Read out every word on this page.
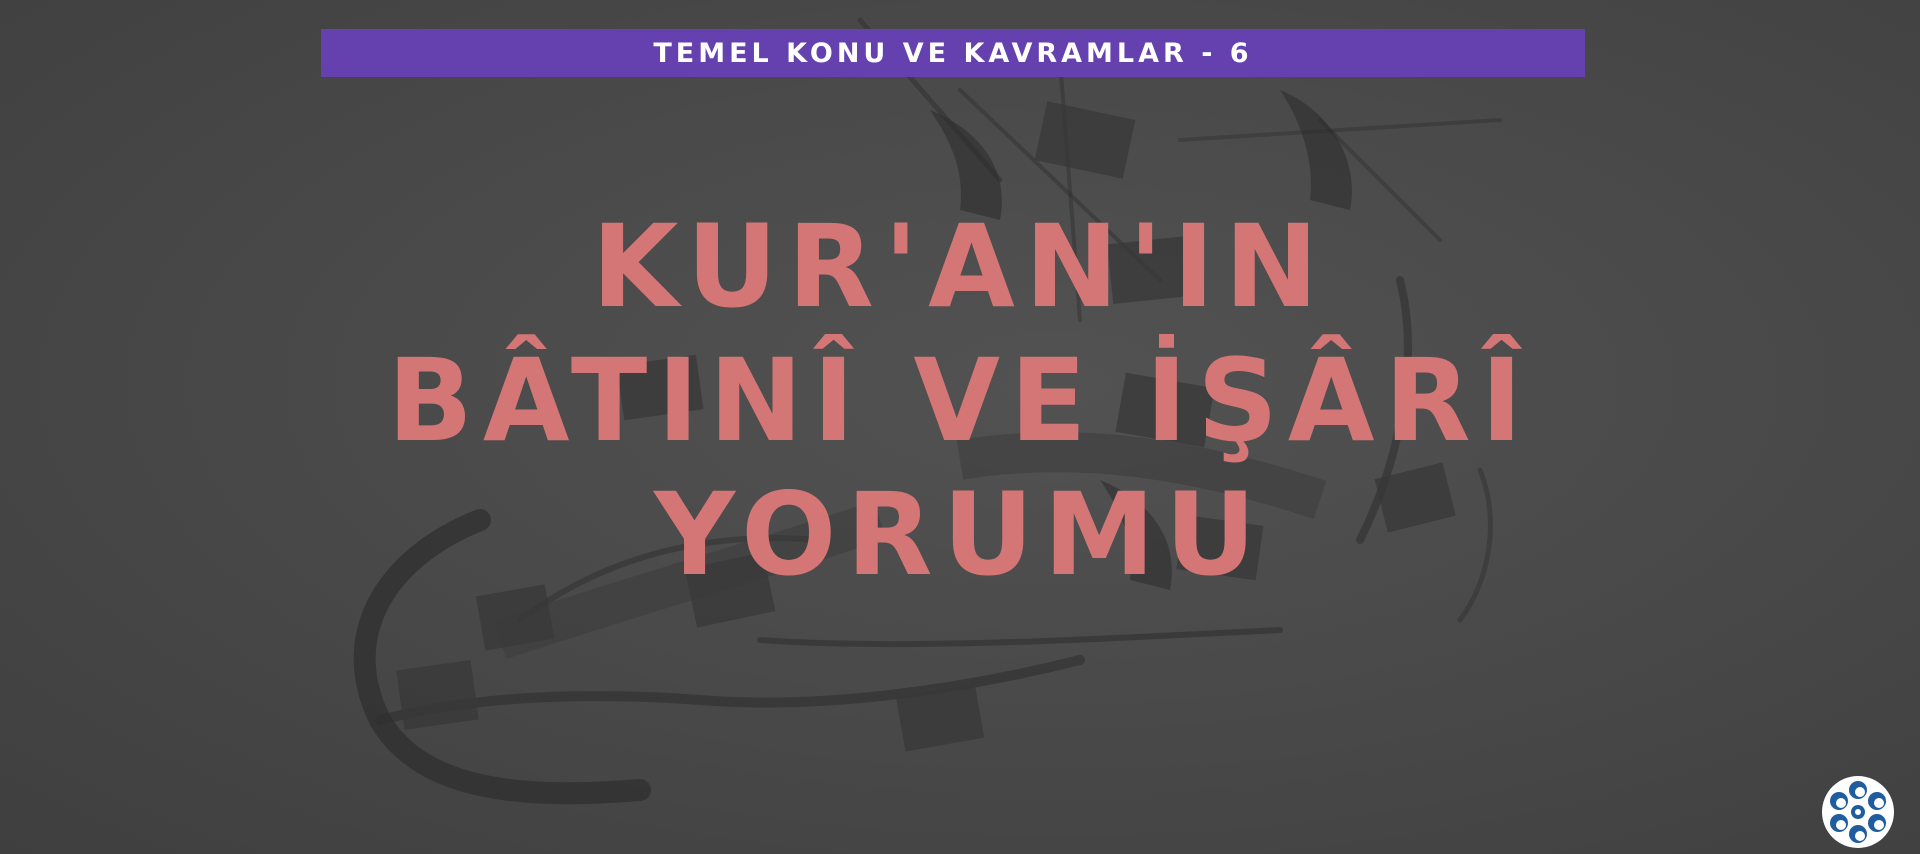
TEMEL KONU VE KAVRAMLAR - 6
KUR'AN'IN
BÂTINÎ VE İŞÂRÎ
YORUMU
